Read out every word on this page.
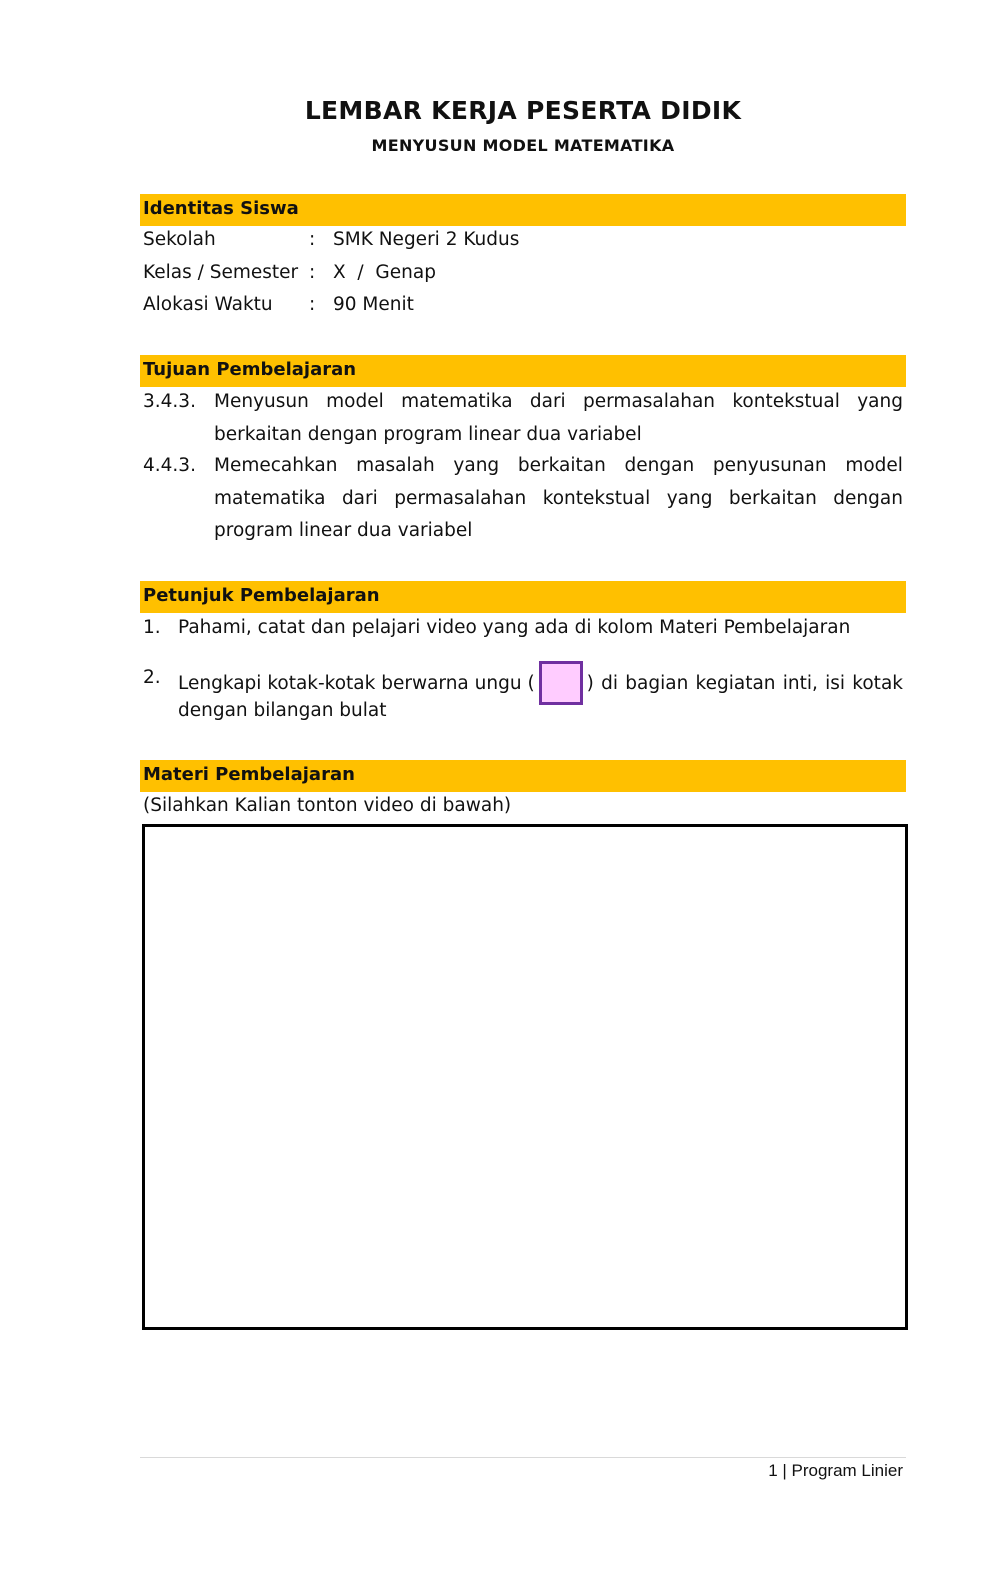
LEMBAR KERJA PESERTA DIDIK
MENYUSUN MODEL MATEMATIKA
Identitas Siswa
Sekolah	: SMK Negeri 2 Kudus
Kelas / Semester : X  /  Genap
Alokasi Waktu : 90 Menit
Tujuan Pembelajaran
3.4.3. Menyusun model matematika dari permasalahan kontekstual yang
berkaitan dengan program linear dua variabel
4.4.3. Memecahkan masalah yang berkaitan dengan penyusunan model
matematika dari permasalahan kontekstual yang berkaitan dengan
program linear dua variabel
Petunjuk Pembelajaran
1. Pahami, catat dan pelajari video yang ada di kolom Materi Pembelajaran
2. Lengkapi kotak-kotak berwarna ungu (	) di bagian kegiatan inti, isi kotak
dengan bilangan bulat
Materi Pembelajaran
(Silahkan Kalian tonton video di bawah)
1 | Program Linier
